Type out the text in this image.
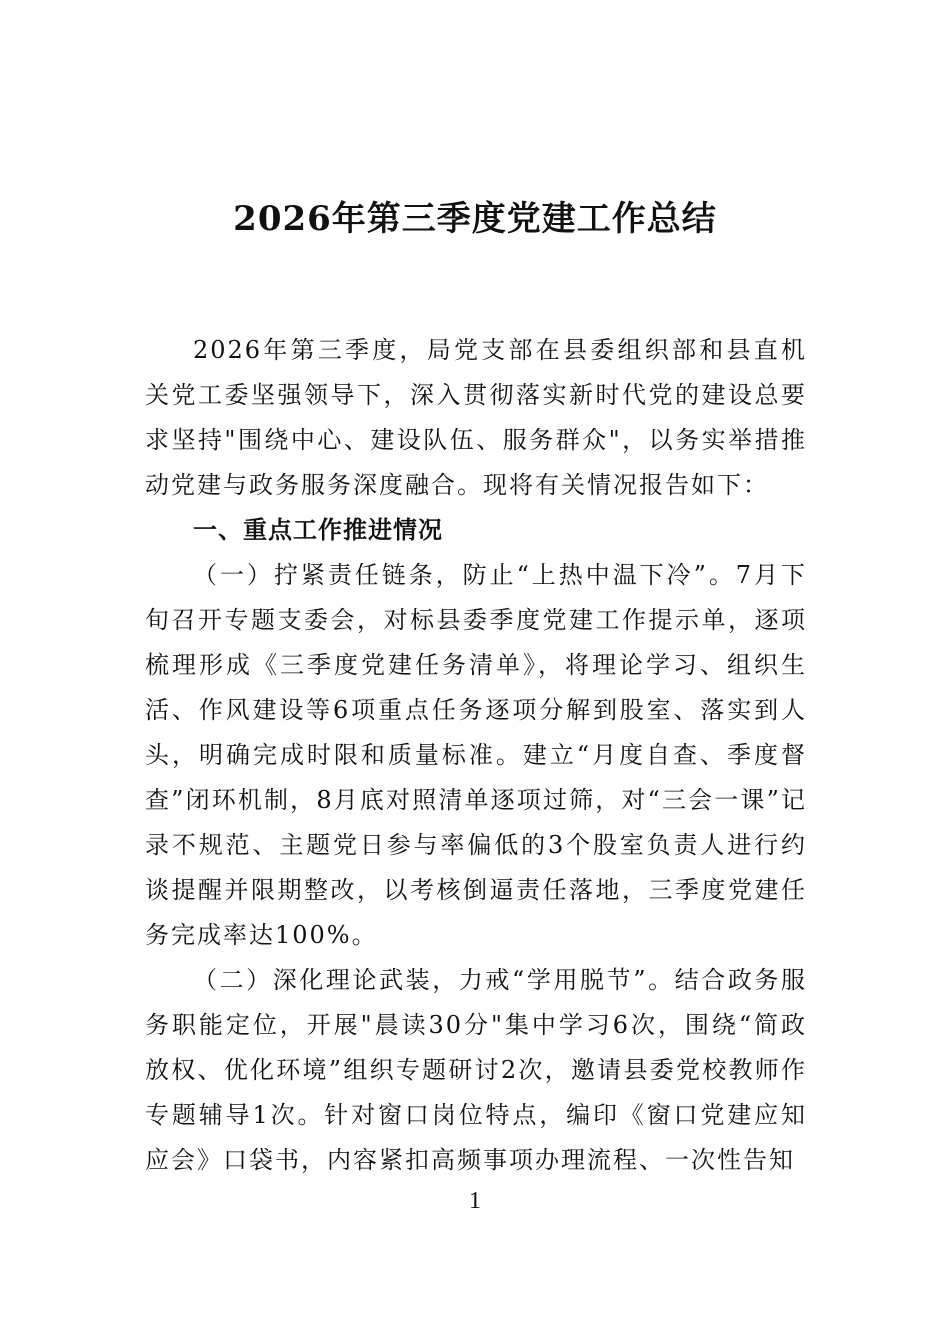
2026年第三季度党建工作总结

2026年第三季度，局党支部在县委组织部和县直机关党工委坚强领导下，深入贯彻落实新时代党的建设总要求坚持"围绕中心、建设队伍、服务群众"，以务实举措推动党建与政务服务深度融合。现将有关情况报告如下：

一、重点工作推进情况

（一）拧紧责任链条，防止“上热中温下冷”。7月下旬召开专题支委会，对标县委季度党建工作提示单，逐项梳理形成《三季度党建任务清单》，将理论学习、组织生活、作风建设等6项重点任务逐项分解到股室、落实到人头，明确完成时限和质量标准。建立“月度自查、季度督查”闭环机制，8月底对照清单逐项过筛，对“三会一课”记录不规范、主题党日参与率偏低的3个股室负责人进行约谈提醒并限期整改，以考核倒逼责任落地，三季度党建任务完成率达100%。

（二）深化理论武装，力戒“学用脱节”。结合政务服务职能定位，开展"晨读30分"集中学习6次，围绕“简政放权、优化环境”组织专题研讨2次，邀请县委党校教师作专题辅导1次。针对窗口岗位特点，编印《窗口党建应知应会》口袋书，内容紧扣高频事项办理流程、一次性告知

1
